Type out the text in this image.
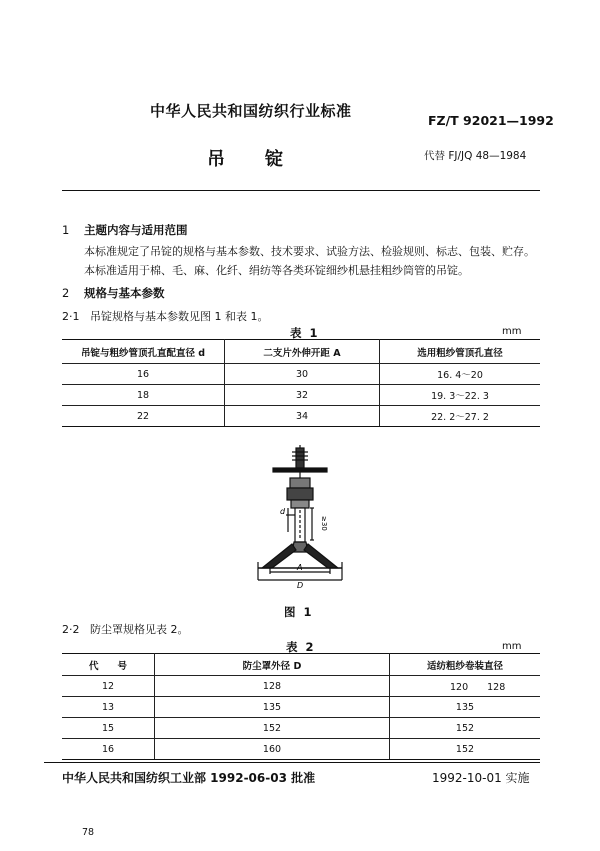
中华人民共和国纺织行业标准
FZ/T 92021—1992
吊锭	代替 FJ/JQ 48—1984
1 主题内容与适用范围
本标准规定了吊锭的规格与基本参数、技术要求、试验方法、检验规则、标志、包装、贮存。
本标准适用于棉、毛、麻、化纤、绢纺等各类环锭细纱机悬挂粗纱筒管的吊锭。
2 规格与基本参数
2·1 吊锭规格与基本参数见图 1 和表 1。
表 1	mm
吊锭与粗纱管顶孔直配直径 d	二支片外伸开距 A	选用粗纱管顶孔直径
16	30	16. 4～20
18	32	19. 3～22. 3
22	34	22. 2～27. 2
d
≥30
A
D
图 1
2·2 防尘罩规格见表 2。
表 2	mm
代　　号	防尘罩外径 D	适纺粗纱卷装直径
12	128	120　　128
13	135	135
15	152	152
16	160	152
中华人民共和国纺织工业部 1992-06-03 批准	1992-10-01 实施
78
